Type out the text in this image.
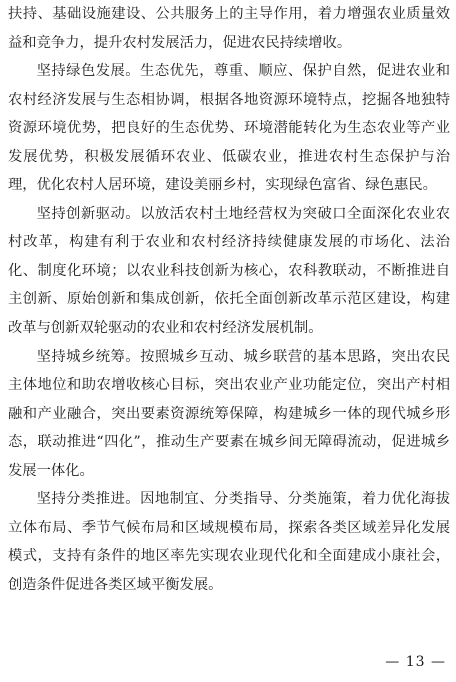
扶持、基础设施建设、公共服务上的主导作用，着力增强农业质量效益和竞争力，提升农村发展活力，促进农民持续增收。

坚持绿色发展。生态优先，尊重、顺应、保护自然，促进农业和农村经济发展与生态相协调，根据各地资源环境特点，挖掘各地独特资源环境优势，把良好的生态优势、环境潜能转化为生态农业等产业发展优势，积极发展循环农业、低碳农业，推进农村生态保护与治理，优化农村人居环境，建设美丽乡村，实现绿色富省、绿色惠民。

坚持创新驱动。以放活农村土地经营权为突破口全面深化农业农村改革，构建有利于农业和农村经济持续健康发展的市场化、法治化、制度化环境；以农业科技创新为核心，农科教联动，不断推进自主创新、原始创新和集成创新，依托全面创新改革示范区建设，构建改革与创新双轮驱动的农业和农村经济发展机制。

坚持城乡统筹。按照城乡互动、城乡联营的基本思路，突出农民主体地位和助农增收核心目标，突出农业产业功能定位，突出产村相融和产业融合，突出要素资源统筹保障，构建城乡一体的现代城乡形态，联动推进“四化”，推动生产要素在城乡间无障碍流动，促进城乡发展一体化。

坚持分类推进。因地制宜、分类指导、分类施策，着力优化海拔立体布局、季节气候布局和区域规模布局，探索各类区域差异化发展模式，支持有条件的地区率先实现农业现代化和全面建成小康社会，创造条件促进各类区域平衡发展。

— 13 —
